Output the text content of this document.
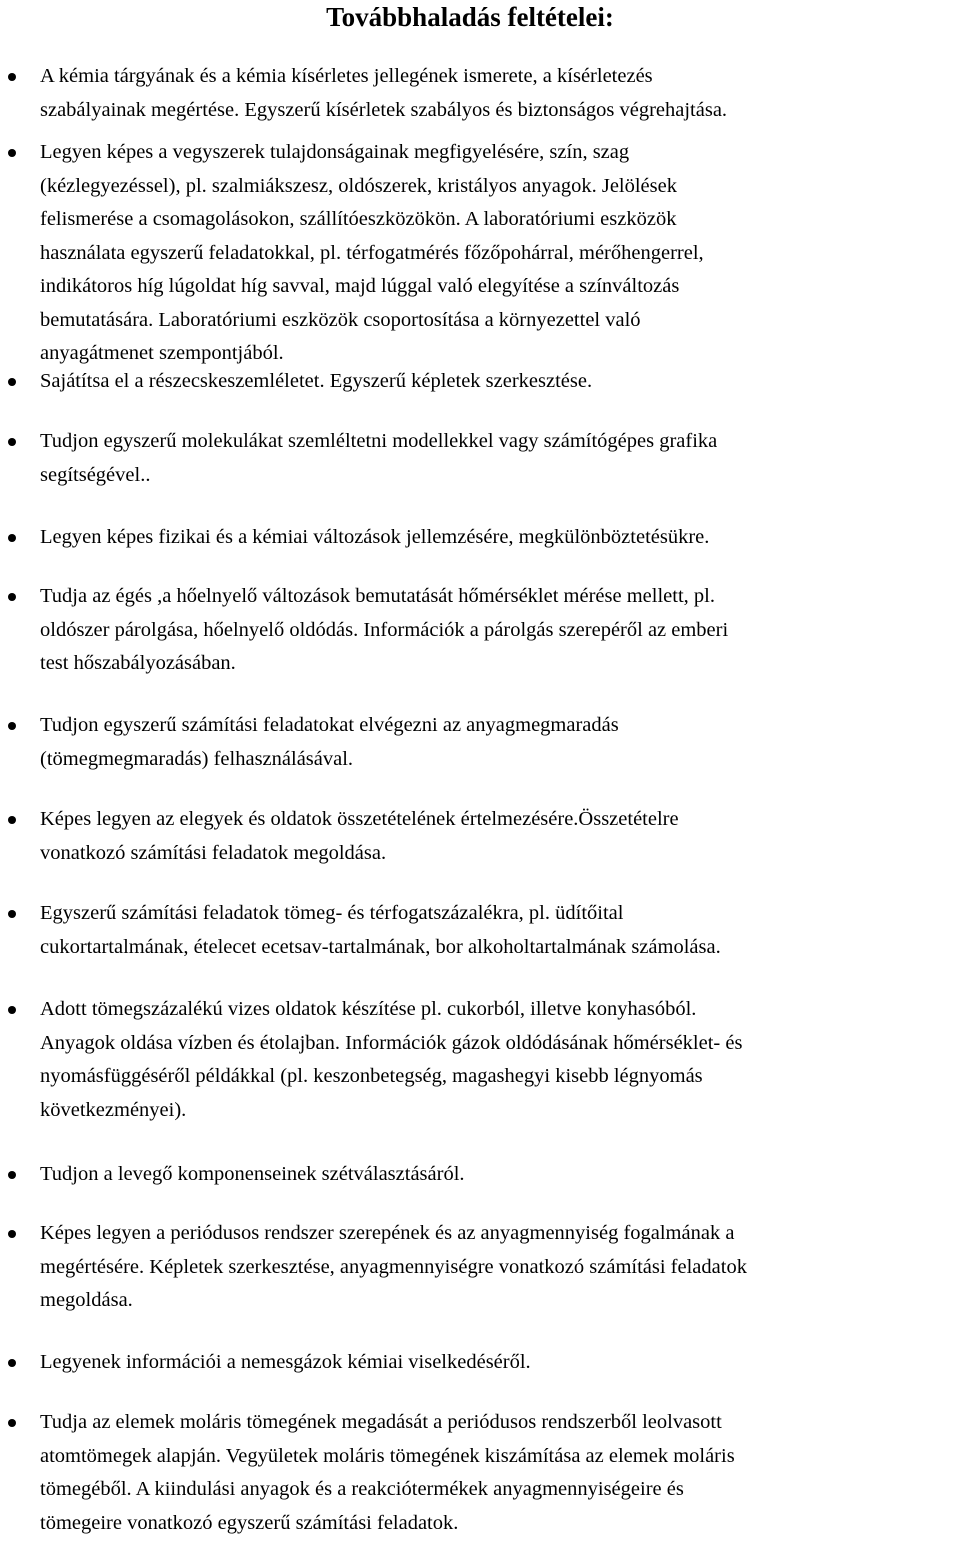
Továbbhaladás feltételei:
A kémia tárgyának és a kémia kísérletes jellegének ismerete, a kísérletezés
szabályainak megértése. Egyszerű kísérletek szabályos és biztonságos végrehajtása.
Legyen képes a vegyszerek tulajdonságainak megfigyelésére, szín, szag
(kézlegyezéssel), pl. szalmiákszesz, oldószerek, kristályos anyagok. Jelölések
felismerése a csomagolásokon, szállítóeszközökön. A laboratóriumi eszközök
használata egyszerű feladatokkal, pl. térfogatmérés főzőpohárral, mérőhengerrel,
indikátoros híg lúgoldat híg savval, majd lúggal való elegyítése a színváltozás
bemutatására. Laboratóriumi eszközök csoportosítása a környezettel való
anyagátmenet szempontjából.
Sajátítsa el a részecskeszemléletet. Egyszerű képletek szerkesztése.
Tudjon egyszerű molekulákat szemléltetni modellekkel vagy számítógépes grafika
segítségével..
Legyen képes fizikai és a kémiai változások jellemzésére, megkülönböztetésükre.
Tudja az égés ,a hőelnyelő változások bemutatását hőmérséklet mérése mellett, pl.
oldószer párolgása, hőelnyelő oldódás. Információk a párolgás szerepéről az emberi
test hőszabályozásában.
Tudjon egyszerű számítási feladatokat elvégezni az anyagmegmaradás
(tömegmegmaradás) felhasználásával.
Képes legyen az elegyek és oldatok összetételének értelmezésére.Összetételre
vonatkozó számítási feladatok megoldása.
Egyszerű számítási feladatok tömeg- és térfogatszázalékra, pl. üdítőital
cukortartalmának, ételecet ecetsav-tartalmának, bor alkoholtartalmának számolása.
Adott tömegszázalékú vizes oldatok készítése pl. cukorból, illetve konyhasóból.
Anyagok oldása vízben és étolajban. Információk gázok oldódásának hőmérséklet- és
nyomásfüggéséről példákkal (pl. keszonbetegség, magashegyi kisebb légnyomás
következményei).
Tudjon a levegő komponenseinek szétválasztásáról.
Képes legyen a periódusos rendszer szerepének és az anyagmennyiség fogalmának a
megértésére. Képletek szerkesztése, anyagmennyiségre vonatkozó számítási feladatok
megoldása.
Legyenek információi a nemesgázok kémiai viselkedéséről.
Tudja az elemek moláris tömegének megadását a periódusos rendszerből leolvasott
atomtömegek alapján. Vegyületek moláris tömegének kiszámítása az elemek moláris
tömegéből. A kiindulási anyagok és a reakciótermékek anyagmennyiségeire és
tömegeire vonatkozó egyszerű számítási feladatok.
